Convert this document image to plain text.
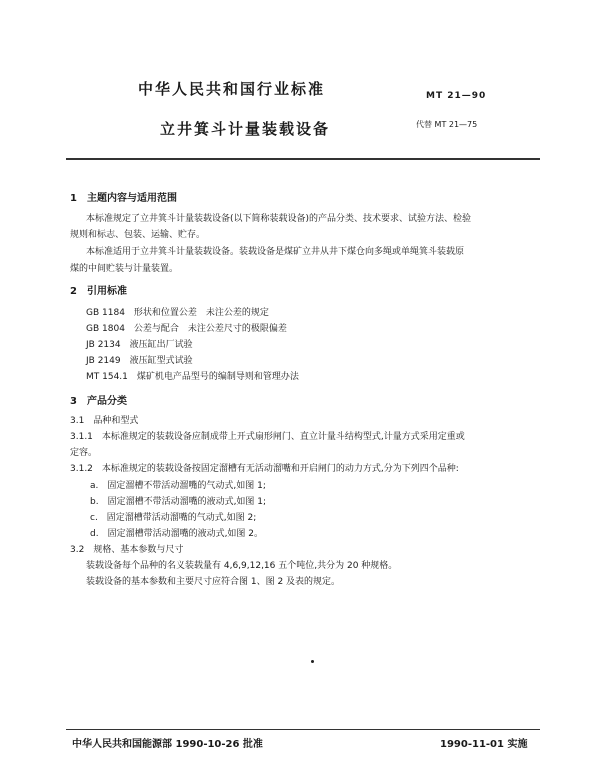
中华人民共和国行业标准	MT 21—90
立井箕斗计量装载设备	代替 MT 21—75
1　主题内容与适用范围
本标准规定了立井箕斗计量装载设备(以下简称装载设备)的产品分类、技术要求、试验方法、检验
规则和标志、包装、运输、贮存。
本标准适用于立井箕斗计量装载设备。装载设备是煤矿立井从井下煤仓向多绳或单绳箕斗装载原
煤的中间贮装与计量装置。
2　引用标准
GB 1184　形状和位置公差　未注公差的规定
GB 1804　公差与配合　未注公差尺寸的极限偏差
JB 2134　液压缸出厂试验
JB 2149　液压缸型式试验
MT 154.1　煤矿机电产品型号的编制导则和管理办法
3　产品分类
3.1　品种和型式
3.1.1　本标准规定的装载设备应制成带上开式扇形闸门、直立计量斗结构型式,计量方式采用定重或
定容。
3.1.2　本标准规定的装载设备按固定溜槽有无活动溜嘴和开启闸门的动力方式,分为下列四个品种:
a.　固定溜槽不带活动溜嘴的气动式,如图 1;
b.　固定溜槽不带活动溜嘴的液动式,如图 1;
c.　固定溜槽带活动溜嘴的气动式,如图 2;
d.　固定溜槽带活动溜嘴的液动式,如图 2。
3.2　规格、基本参数与尺寸
装载设备每个品种的名义装载量有 4,6,9,12,16 五个吨位,共分为 20 种规格。
装载设备的基本参数和主要尺寸应符合图 1、图 2 及表的规定。
中华人民共和国能源部 1990-10-26 批准	1990-11-01 实施
